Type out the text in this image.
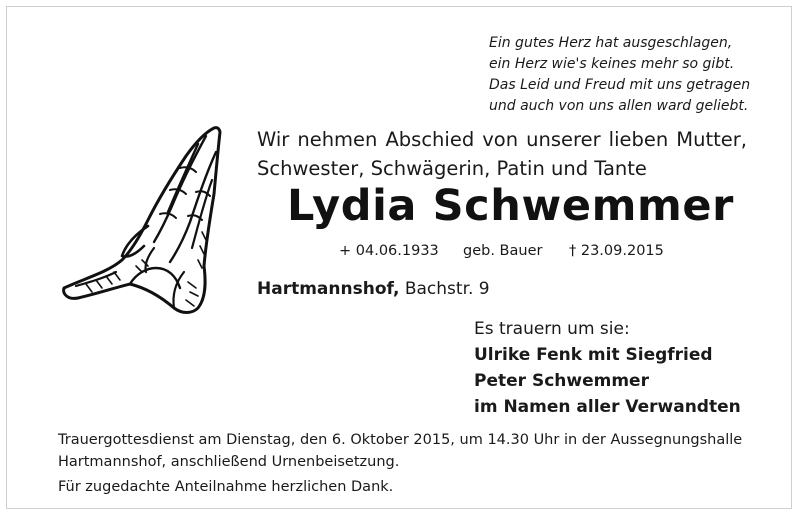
Ein gutes Herz hat ausgeschlagen,
ein Herz wie's keines mehr so gibt.
Das Leid und Freud mit uns getragen
und auch von uns allen ward geliebt.
Wir nehmen Abschied von unserer lieben Mutter,
Schwester, Schwägerin, Patin und Tante
Lydia Schwemmer
+ 04.06.1933 geb. Bauer † 23.09.2015
Hartmannshof, Bachstr. 9
Es trauern um sie:
Ulrike Fenk mit Siegfried
Peter Schwemmer
im Namen aller Verwandten
Trauergottesdienst am Dienstag, den 6. Oktober 2015, um 14.30 Uhr in der Aussegnungshalle
Hartmannshof, anschließend Urnenbeisetzung.
Für zugedachte Anteilnahme herzlichen Dank.
